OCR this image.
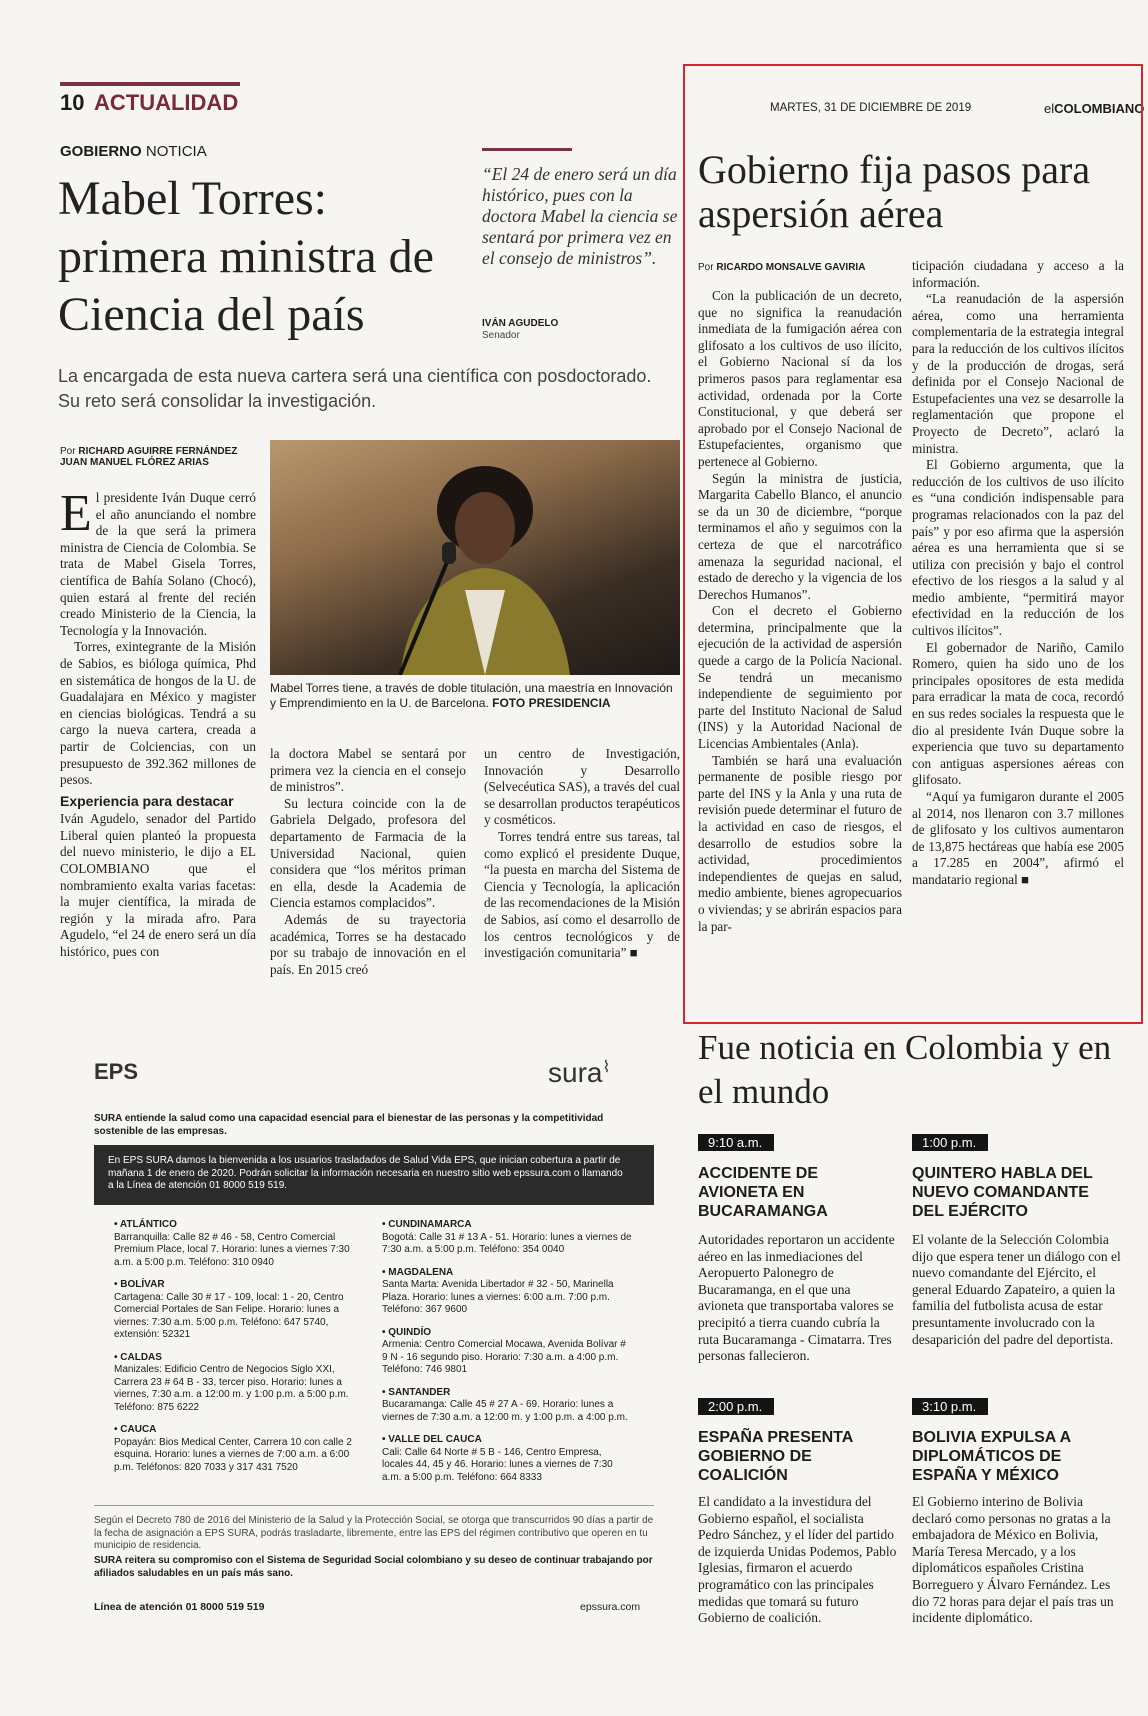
10 ACTUALIDAD	MARTES, 31 DE DICIEMBRE DE 2019	elCOLOMBIANO
GOBIERNO NOTICIA
Mabel Torres: primera ministra de Ciencia del país
“El 24 de enero será un día histórico, pues con la doctora Mabel la ciencia se sentará por primera vez en el consejo de ministros”.
IVÁN AGUDELO
Senador
La encargada de esta nueva cartera será una científica con posdoctorado. Su reto será consolidar la investigación.
Por RICHARD AGUIRRE FERNÁNDEZ
JUAN MANUEL FLÓREZ ARIAS

El presidente Iván Duque cerró el año anunciando el nombre de la que será la primera ministra de Ciencia de Colombia. Se trata de Mabel Gisela Torres, científica de Bahía Solano (Chocó), quien estará al frente del recién creado Ministerio de la Ciencia, la Tecnología y la Innovación.

Torres, exintegrante de la Misión de Sabios, es bióloga química, Phd en sistemática de hongos de la U. de Guadalajara en México y magister en ciencias biológicas. Tendrá a su cargo la nueva cartera, creada a partir de Colciencias, con un presupuesto de 392.362 millones de pesos.

Experiencia para destacar

Iván Agudelo, senador del Partido Liberal quien planteó la propuesta del nuevo ministerio, le dijo a EL COLOMBIANO que el nombramiento exalta varias facetas: la mujer científica, la mirada de región y la mirada afro. Para Agudelo, “el 24 de enero será un día histórico, pues con

Mabel Torres tiene, a través de doble titulación, una maestría en Innovación y Emprendimiento en la U. de Barcelona. FOTO PRESIDENCIA

la doctora Mabel se sentará por primera vez la ciencia en el consejo de ministros”.

Su lectura coincide con la de Gabriela Delgado, profesora del departamento de Farmacia de la Universidad Nacional, quien considera que “los méritos priman en ella, desde la Academia de Ciencia estamos complacidos”.

Además de su trayectoria académica, Torres se ha destacado por su trabajo de innovación en el país. En 2015 creó

un centro de Investigación, Innovación y Desarrollo (Selvecéutica SAS), a través del cual se desarrollan productos terapéuticos y cosméticos.

Torres tendrá entre sus tareas, tal como explicó el presidente Duque, “la puesta en marcha del Sistema de Ciencia y Tecnología, la aplicación de las recomendaciones de la Misión de Sabios, así como el desarrollo de los centros tecnológicos y de investigación comunitaria” ■

Gobierno fija pasos para aspersión aérea
Por RICARDO MONSALVE GAVIRIA

Con la publicación de un decreto, que no significa la reanudación inmediata de la fumigación aérea con glifosato a los cultivos de uso ilícito, el Gobierno Nacional sí da los primeros pasos para reglamentar esa actividad, ordenada por la Corte Constitucional, y que deberá ser aprobado por el Consejo Nacional de Estupefacientes, organismo que pertenece al Gobierno.

Según la ministra de justicia, Margarita Cabello Blanco, el anuncio se da un 30 de diciembre, “porque terminamos el año y seguimos con la certeza de que el narcotráfico amenaza la seguridad nacional, el estado de derecho y la vigencia de los Derechos Humanos”.

Con el decreto el Gobierno determina, principalmente que la ejecución de la actividad de aspersión quede a cargo de la Policía Nacional. Se tendrá un mecanismo independiente de seguimiento por parte del Instituto Nacional de Salud (INS) y la Autoridad Nacional de Licencias Ambientales (Anla).

También se hará una evaluación permanente de posible riesgo por parte del INS y la Anla y una ruta de revisión puede determinar el futuro de la actividad en caso de riesgos, el desarrollo de estudios sobre la actividad, procedimientos independientes de quejas en salud, medio ambiente, bienes agropecuarios o viviendas; y se abrirán espacios para la par-

ticipación ciudadana y acceso a la información.

“La reanudación de la aspersión aérea, como una herramienta complementaria de la estrategia integral para la reducción de los cultivos ilícitos y de la producción de drogas, será definida por el Consejo Nacional de Estupefacientes una vez se desarrolle la reglamentación que propone el Proyecto de Decreto”, aclaró la ministra.

El Gobierno argumenta, que la reducción de los cultivos de uso ilícito es “una condición indispensable para programas relacionados con la paz del país” y por eso afirma que la aspersión aérea es una herramienta que si se utiliza con precisión y bajo el control efectivo de los riesgos a la salud y al medio ambiente, “permitirá mayor efectividad en la reducción de los cultivos ilícitos”.

El gobernador de Nariño, Camilo Romero, quien ha sido uno de los principales opositores de esta medida para erradicar la mata de coca, recordó en sus redes sociales la respuesta que le dio al presidente Iván Duque sobre la experiencia que tuvo su departamento con antiguas aspersiones aéreas con glifosato.

“Aquí ya fumigaron durante el 2005 al 2014, nos llenaron con 3.7 millones de glifosato y los cultivos aumentaron de 13,875 hectáreas que había ese 2005 a 17.285 en 2004”, afirmó el mandatario regional ■

Fue noticia en Colombia y en el mundo
9:10 a.m.
ACCIDENTE DE AVIONETA EN BUCARAMANGA
Autoridades reportaron un accidente aéreo en las inmediaciones del Aeropuerto Palonegro de Bucaramanga, en el que una avioneta que transportaba valores se precipitó a tierra cuando cubría la ruta Bucaramanga - Cimatarra. Tres personas fallecieron.
1:00 p.m.
QUINTERO HABLA DEL NUEVO COMANDANTE DEL EJÉRCITO
El volante de la Selección Colombia dijo que espera tener un diálogo con el nuevo comandante del Ejército, el general Eduardo Zapateiro, a quien la familia del futbolista acusa de estar presuntamente involucrado con la desaparición del padre del deportista.
2:00 p.m.
ESPAÑA PRESENTA GOBIERNO DE COALICIÓN
El candidato a la investidura del Gobierno español, el socialista Pedro Sánchez, y el líder del partido de izquierda Unidas Podemos, Pablo Iglesias, firmaron el acuerdo programático con las principales medidas que tomará su futuro Gobierno de coalición.
3:10 p.m.
BOLIVIA EXPULSA A DIPLOMÁTICOS DE ESPAÑA Y MÉXICO
El Gobierno interino de Bolivia declaró como personas no gratas a la embajadora de México en Bolivia, María Teresa Mercado, y a los diplomáticos españoles Cristina Borreguero y Álvaro Fernández. Les dio 72 horas para dejar el país tras un incidente diplomático.
EPS	sura⌇
SURA entiende la salud como una capacidad esencial para el bienestar de las personas y la competitividad sostenible de las empresas.
En EPS SURA damos la bienvenida a los usuarios trasladados de Salud Vida EPS, que inician cobertura a partir de mañana 1 de enero de 2020. Podrán solicitar la información necesaria en nuestro sitio web epssura.com o llamando a la Línea de atención 01 8000 519 519.
• ATLÁNTICO
Barranquilla: Calle 82 # 46 - 58, Centro Comercial Premium Place, local 7. Horario: lunes a viernes 7:30 a.m. a 5:00 p.m. Teléfono: 310 0940
• BOLÍVAR
Cartagena: Calle 30 # 17 - 109, local: 1 - 20, Centro Comercial Portales de San Felipe. Horario: lunes a viernes: 7:30 a.m. 5:00 p.m. Teléfono: 647 5740, extensión: 52321
• CALDAS
Manizales: Edificio Centro de Negocios Siglo XXI, Carrera 23 # 64 B - 33, tercer piso. Horario: lunes a viernes, 7:30 a.m. a 12:00 m. y 1:00 p.m. a 5:00 p.m. Teléfono: 875 6222
• CAUCA
Popayán: Bios Medical Center, Carrera 10 con calle 2 esquina. Horario: lunes a viernes de 7:00 a.m. a 6:00 p.m. Teléfonos: 820 7033 y 317 431 7520
• CUNDINAMARCA
Bogotá: Calle 31 # 13 A - 51. Horario: lunes a viernes de 7:30 a.m. a 5:00 p.m. Teléfono: 354 0040
• MAGDALENA
Santa Marta: Avenida Libertador # 32 - 50, Marinella Plaza. Horario: lunes a viernes: 6:00 a.m. 7:00 p.m. Teléfono: 367 9600
• QUINDÍO
Armenia: Centro Comercial Mocawa, Avenida Bolívar # 9 N - 16 segundo piso. Horario: 7:30 a.m. a 4:00 p.m. Teléfono: 746 9801
• SANTANDER
Bucaramanga: Calle 45 # 27 A - 69. Horario: lunes a viernes de 7:30 a.m. a 12:00 m. y 1:00 p.m. a 4:00 p.m.
• VALLE DEL CAUCA
Cali: Calle 64 Norte # 5 B - 146, Centro Empresa, locales 44, 45 y 46. Horario: lunes a viernes de 7:30 a.m. a 5:00 p.m. Teléfono: 664 8333
Según el Decreto 780 de 2016 del Ministerio de la Salud y la Protección Social, se otorga que transcurridos 90 días a partir de la fecha de asignación a EPS SURA, podrás trasladarte, libremente, entre las EPS del régimen contributivo que operen en tu municipio de residencia.
SURA reitera su compromiso con el Sistema de Seguridad Social colombiano y su deseo de continuar trabajando por afiliados saludables en un país más sano.
Línea de atención 01 8000 519 519	epssura.com
